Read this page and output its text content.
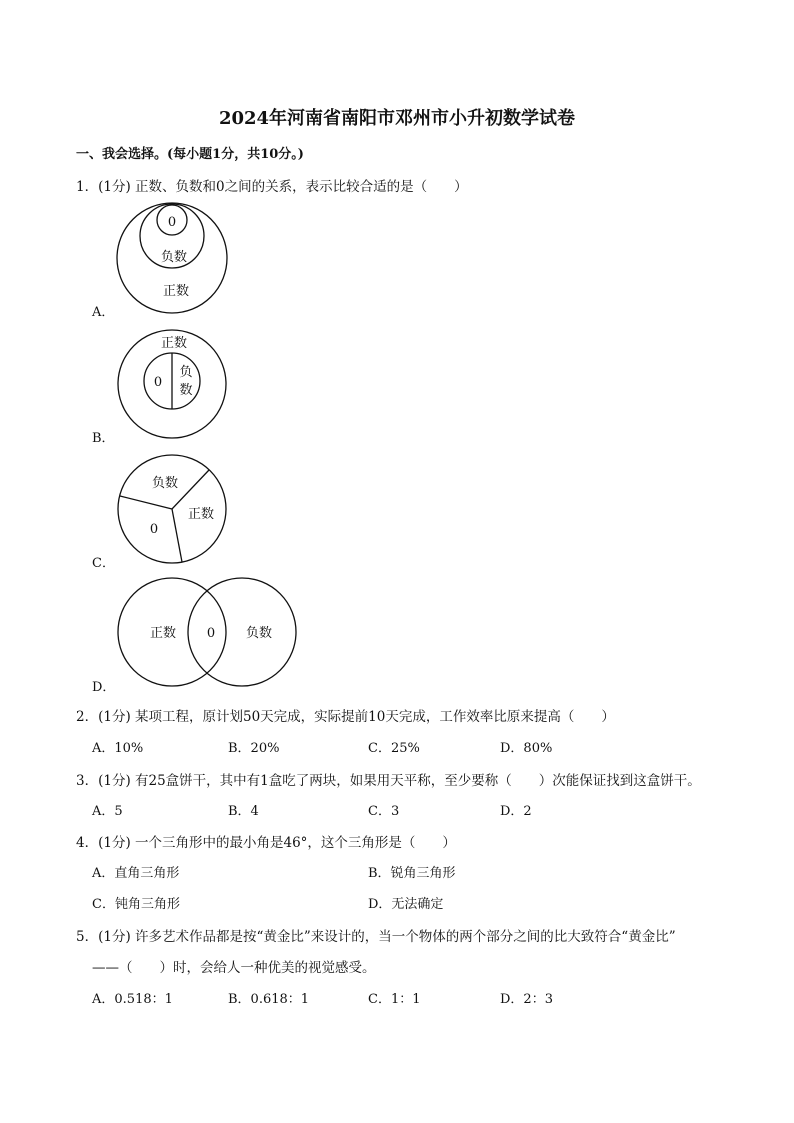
2024年河南省南阳市邓州市小升初数学试卷
一、我会选择。(每小题1分，共10分。)
1．(1分) 正数、负数和0之间的关系，表示比较合适的是（　　）
0
负数
正数
A．
正数
0
负
数
B．
负数
正数
0
C．
正数 0 负数
D．
2．(1分) 某项工程，原计划50天完成，实际提前10天完成，工作效率比原来提高（　　）
A．10%	B．20%	C．25%	D．80%
3．(1分) 有25盒饼干，其中有1盒吃了两块，如果用天平称，至少要称（　　）次能保证找到这盒饼干。
A．5	B．4	C．3	D．2
4．(1分) 一个三角形中的最小角是46°，这个三角形是（　　）
A．直角三角形	B．锐角三角形
C．钝角三角形	D．无法确定
5．(1分) 许多艺术作品都是按“黄金比”来设计的，当一个物体的两个部分之间的比大致符合“黄金比”
——（　　）时，会给人一种优美的视觉感受。
A．0.518：1	B．0.618：1	C．1：1	D．2：3
